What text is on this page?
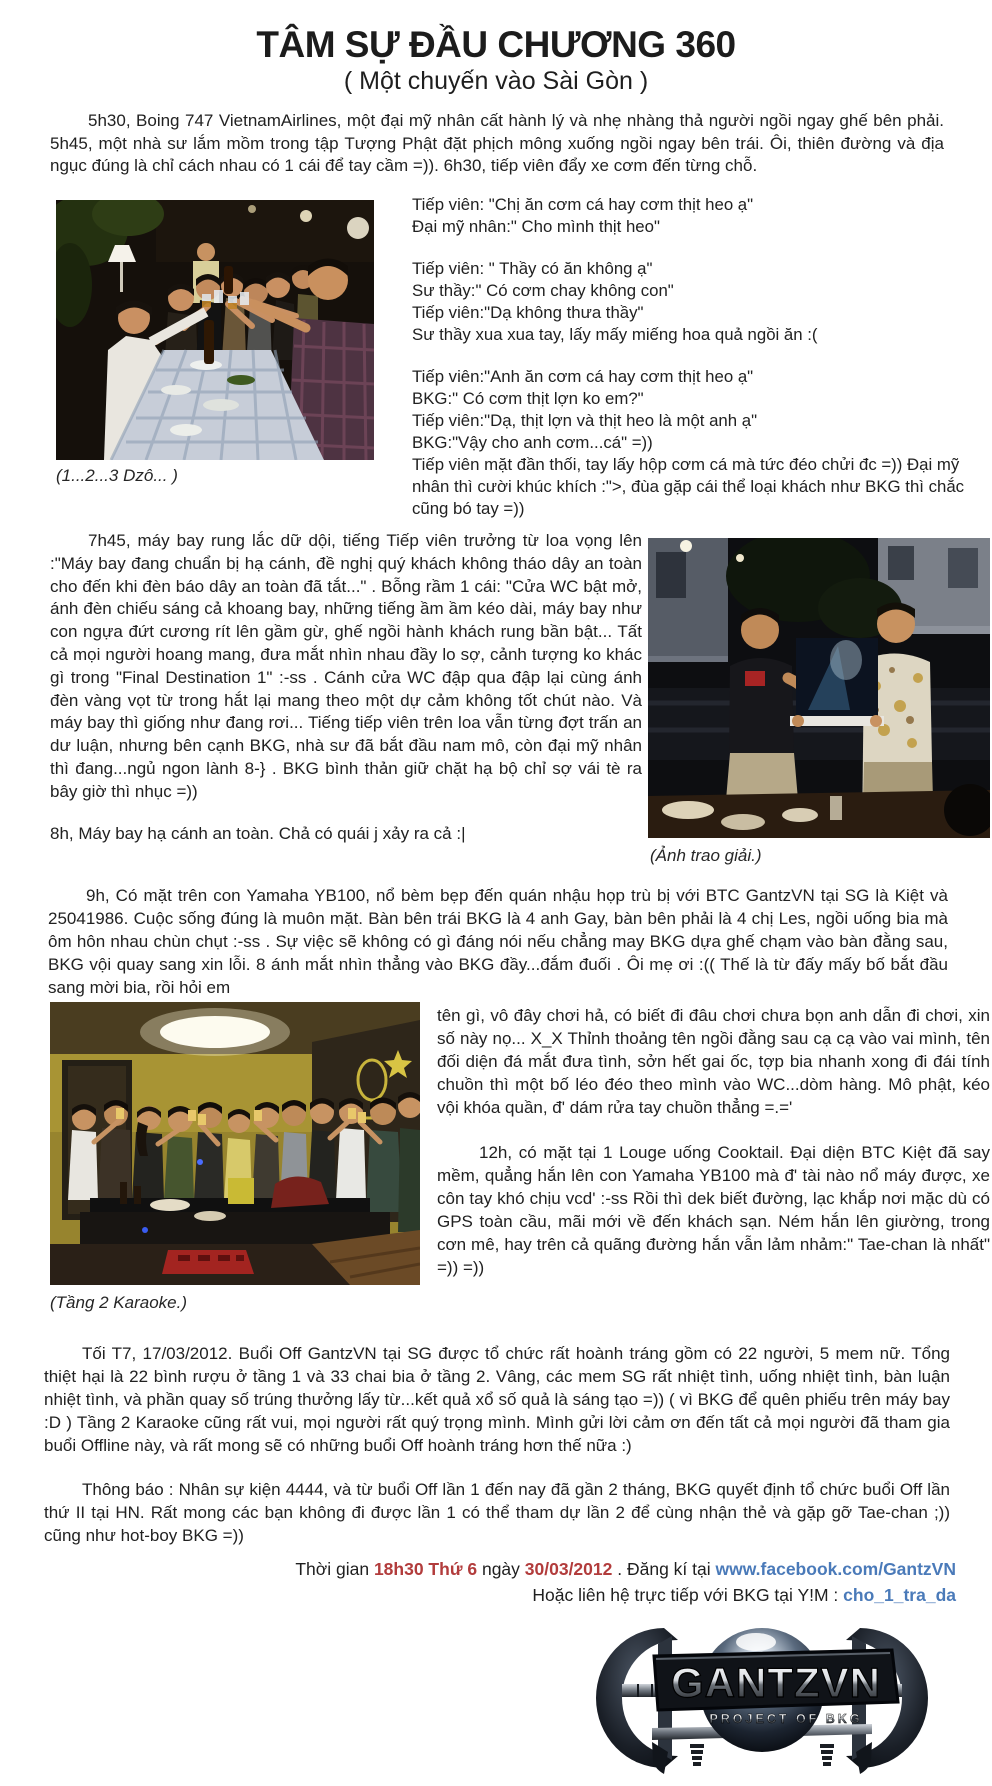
TÂM SỰ ĐẦU CHƯƠNG 360
( Một chuyến vào Sài Gòn )
5h30, Boing 747 VietnamAirlines, một đại mỹ nhân cất hành lý và nhẹ nhàng thả người ngồi ngay ghế bên phải. 5h45, một nhà sư lắm mồm trong tập Tượng Phật đặt phịch mông xuống ngồi ngay bên trái. Ôi, thiên đường và địa ngục đúng là chỉ cách nhau có 1 cái để tay cầm =)). 6h30, tiếp viên đẩy xe cơm đến từng chỗ.
(1...2...3 Dzô... )

Tiếp viên: "Chị ăn cơm cá hay cơm thịt heo ạ"
Đại mỹ nhân:" Cho mình thịt heo"

Tiếp viên: " Thầy có ăn không ạ"
Sư thầy:" Có cơm chay không con"
Tiếp viên:"Dạ không thưa thầy"
Sư thầy xua xua tay, lấy mấy miếng hoa quả ngồi ăn :(

Tiếp viên:"Anh ăn cơm cá hay cơm thịt heo ạ"
BKG:" Có cơm thịt lợn ko em?"
Tiếp viên:"Dạ, thịt lợn và thịt heo là một anh ạ"
BKG:"Vậy cho anh cơm...cá" =))
Tiếp viên mặt đần thối, tay lấy hộp cơm cá mà tức đéo chửi đc =)) Đại mỹ nhân thì cười khúc khích :">, đùa gặp cái thể loại khách như BKG thì chắc cũng bó tay =))

7h45, máy bay rung lắc dữ dội, tiếng Tiếp viên trưởng từ loa vọng lên :"Máy bay đang chuẩn bị hạ cánh, đề nghị quý khách không tháo dây an toàn cho đến khi đèn báo dây an toàn đã tắt..." . Bỗng rầm 1 cái: "Cửa WC bật mở, ánh đèn chiếu sáng cả khoang bay, những tiếng ầm ầm kéo dài, máy bay như con ngựa đứt cương rít lên gầm gừ, ghế ngồi hành khách rung bần bật... Tất cả mọi người hoang mang, đưa mắt nhìn nhau đầy lo sợ, cảnh tượng ko khác gì trong "Final Destination 1" :-ss . Cánh cửa WC đập qua đập lại cùng ánh đèn vàng vọt từ trong hắt lại mang theo một dự cảm không tốt chút nào. Và máy bay thì giống như đang rơi... Tiếng tiếp viên trên loa vẫn từng đợt trấn an dư luận, nhưng bên cạnh BKG, nhà sư đã bắt đầu nam mô, còn đại mỹ nhân thì đang...ngủ ngon lành 8-} . BKG bình thản giữ chặt hạ bộ chỉ sợ vái tè ra bây giờ thì nhục =))
8h, Máy bay hạ cánh an toàn. Chả có quái j xảy ra cả :|
(Ảnh trao giải.)
9h, Có mặt trên con Yamaha YB100, nổ bèm bẹp đến quán nhậu họp trù bị với BTC GantzVN tại SG là Kiệt và 25041986. Cuộc sống đúng là muôn mặt. Bàn bên trái BKG là 4 anh Gay, bàn bên phải là 4 chị Les, ngồi uống bia mà ôm hôn nhau chùn chụt :-ss . Sự việc sẽ không có gì đáng nói nếu chẳng may BKG dựa ghế chạm vào bàn đằng sau, BKG vội quay sang xin lỗi. 8 ánh mắt nhìn thẳng vào BKG đầy...đắm đuối . Ôi mẹ ơi :(( Thế là từ đấy mấy bố bắt đầu sang mời bia, rồi hỏi em
(Tầng 2 Karaoke.)

tên gì, vô đây chơi hả, có biết đi đâu chơi chưa bọn anh dẫn đi chơi, xin số này nọ... X_X Thỉnh thoảng tên ngồi đằng sau cạ cạ vào vai mình, tên đối diện đá mắt đưa tình, sởn hết gai ốc, tợp bia nhanh xong đi đái tính chuồn thì một bố léo đéo theo mình vào WC...dòm hàng. Mô phật, kéo vội khóa quần, đ' dám rửa tay chuồn thẳng =.='

12h, có mặt tại 1 Louge uống Cooktail. Đại diện BTC Kiệt đã say mềm, quẳng hắn lên con Yamaha YB100 mà đ' tài nào nổ máy được, xe côn tay khó chịu vcd' :-ss Rồi thì dek biết đường, lạc khắp nơi mặc dù có GPS toàn cầu, mãi mới về đến khách sạn. Ném hắn lên giường, trong cơn mê, hay trên cả quãng đường hắn vẫn lảm nhảm:" Tae-chan là nhất" =)) =))

Tối T7, 17/03/2012. Buổi Off GantzVN tại SG được tổ chức rất hoành tráng gồm có 22 người, 5 mem nữ. Tổng thiệt hại là 22 bình rượu ở tầng 1 và 33 chai bia ở tầng 2. Vâng, các mem SG rất nhiệt tình, uống nhiệt tình, bàn luận nhiệt tình, và phần quay số trúng thưởng lấy từ...kết quả xổ số quả là sáng tạo =)) ( vì BKG để quên phiếu trên máy bay :D ) Tầng 2 Karaoke cũng rất vui, mọi người rất quý trọng mình. Mình gửi lời cảm ơn đến tất cả mọi người đã tham gia buổi Offline này, và rất mong sẽ có những buổi Off hoành tráng hơn thế nữa :)
Thông báo : Nhân sự kiện 4444, và từ buổi Off lần 1 đến nay đã gần 2 tháng, BKG quyết định tổ chức buổi Off lần thứ II tại HN. Rất mong các bạn không đi được lần 1 có thể tham dự lần 2 để cùng nhận thẻ và gặp gỡ Tae-chan ;)) cũng như hot-boy BKG =))
Thời gian 18h30 Thứ 6 ngày 30/03/2012 . Đăng kí tại www.facebook.com/GantzVN
Hoặc liên hệ trực tiếp với BKG tại Y!M : cho_1_tra_da
GANTZVN
PROJECT OF BKG
